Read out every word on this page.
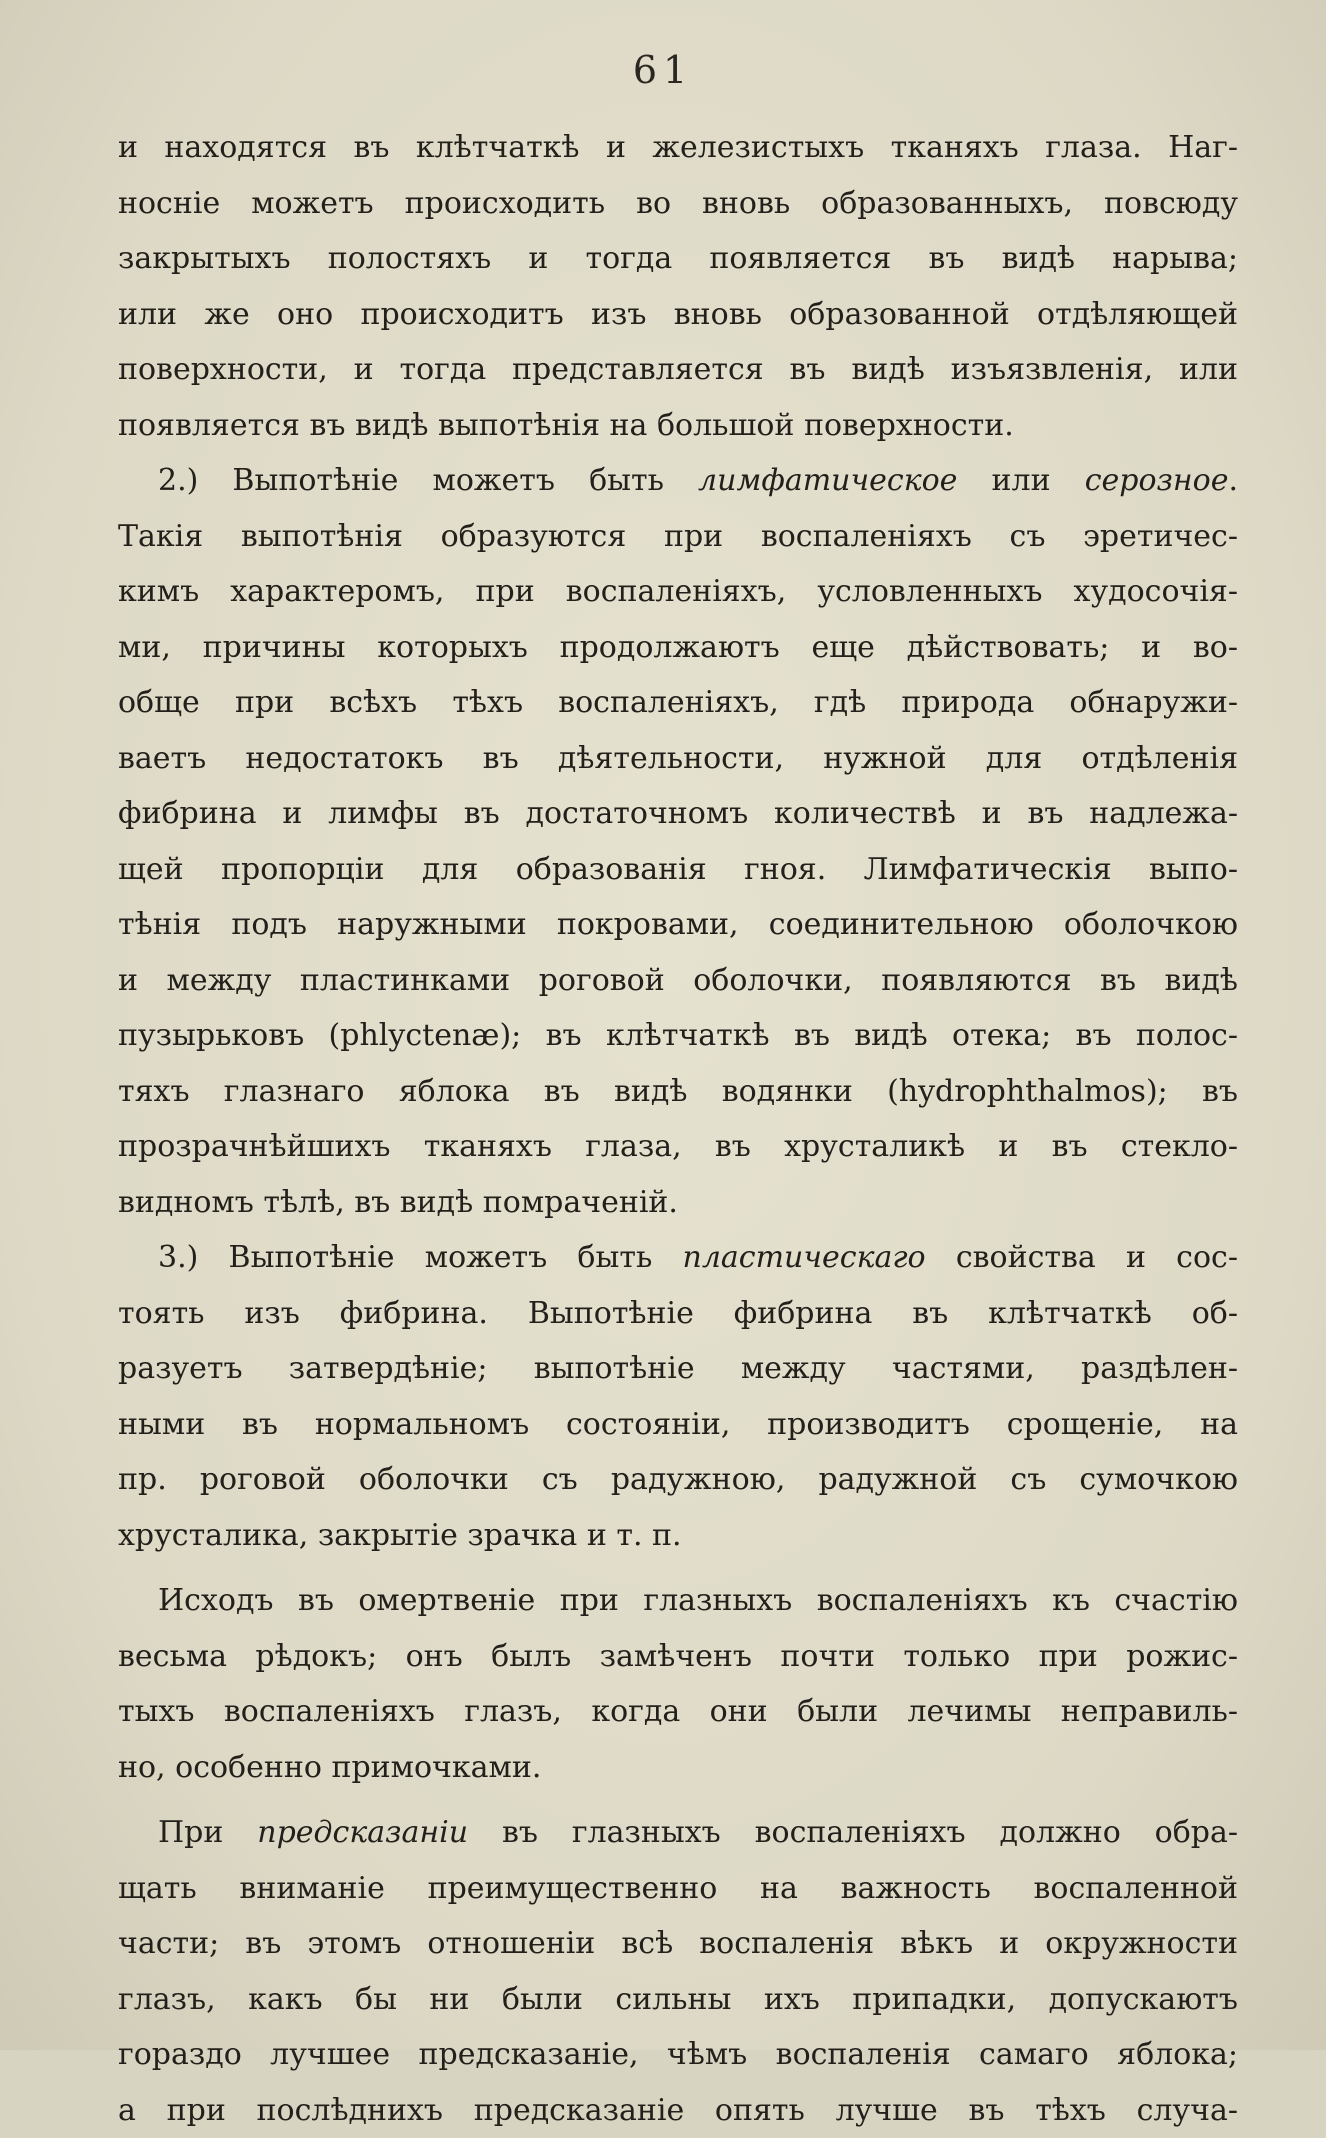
61
и находятся въ клѣтчаткѣ и железистыхъ тканяхъ глаза. Наг-
носніе можетъ происходить во вновь образованныхъ, повсюду
закрытыхъ полостяхъ и тогда появляется въ видѣ нарыва;
или же оно происходитъ изъ вновь образованной отдѣляющей
поверхности, и тогда представляется въ видѣ изъязвленія, или
появляется въ видѣ выпотѣнія на большой поверхности.
2.) Выпотѣніе можетъ быть лимфатическое или серозное.
Такія выпотѣнія образуются при воспаленіяхъ съ эретичес-
кимъ характеромъ, при воспаленіяхъ, условленныхъ худосочія-
ми, причины которыхъ продолжаютъ еще дѣйствовать; и во-
обще при всѣхъ тѣхъ воспаленіяхъ, гдѣ природа обнаружи-
ваетъ недостатокъ въ дѣятельности, нужной для отдѣленія
фибрина и лимфы въ достаточномъ количествѣ и въ надлежа-
щей пропорціи для образованія гноя. Лимфатическія выпо-
тѣнія подъ наружными покровами, соединительною оболочкою
и между пластинками роговой оболочки, появляются въ видѣ
пузырьковъ (phlyctenæ); въ клѣтчаткѣ въ видѣ отека; въ полос-
тяхъ глазнаго яблока въ видѣ водянки (hydrophthalmos); въ
прозрачнѣйшихъ тканяхъ глаза, въ хрусталикѣ и въ стекло-
видномъ тѣлѣ, въ видѣ помраченій.
3.) Выпотѣніе можетъ быть пластическаго свойства и сос-
тоять изъ фибрина. Выпотѣніе фибрина въ клѣтчаткѣ об-
разуетъ затвердѣніе; выпотѣніе между частями, раздѣлен-
ными въ нормальномъ состояніи, производитъ срощеніе, на
пр. роговой оболочки съ радужною, радужной съ сумочкою
хрусталика, закрытіе зрачка и т. п.
Исходъ въ омертвеніе при глазныхъ воспаленіяхъ къ счастію
весьма рѣдокъ; онъ былъ замѣченъ почти только при рожис-
тыхъ воспаленіяхъ глазъ, когда они были лечимы неправиль-
но, особенно примочками.
При предсказаніи въ глазныхъ воспаленіяхъ должно обра-
щать вниманіе преимущественно на важность воспаленной
части; въ этомъ отношеніи всѣ воспаленія вѣкъ и окружности
глазъ, какъ бы ни были сильны ихъ припадки, допускаютъ
гораздо лучшее предсказаніе, чѣмъ воспаленія самаго яблока;
а при послѣднихъ предсказаніе опять лучше въ тѣхъ случа-
